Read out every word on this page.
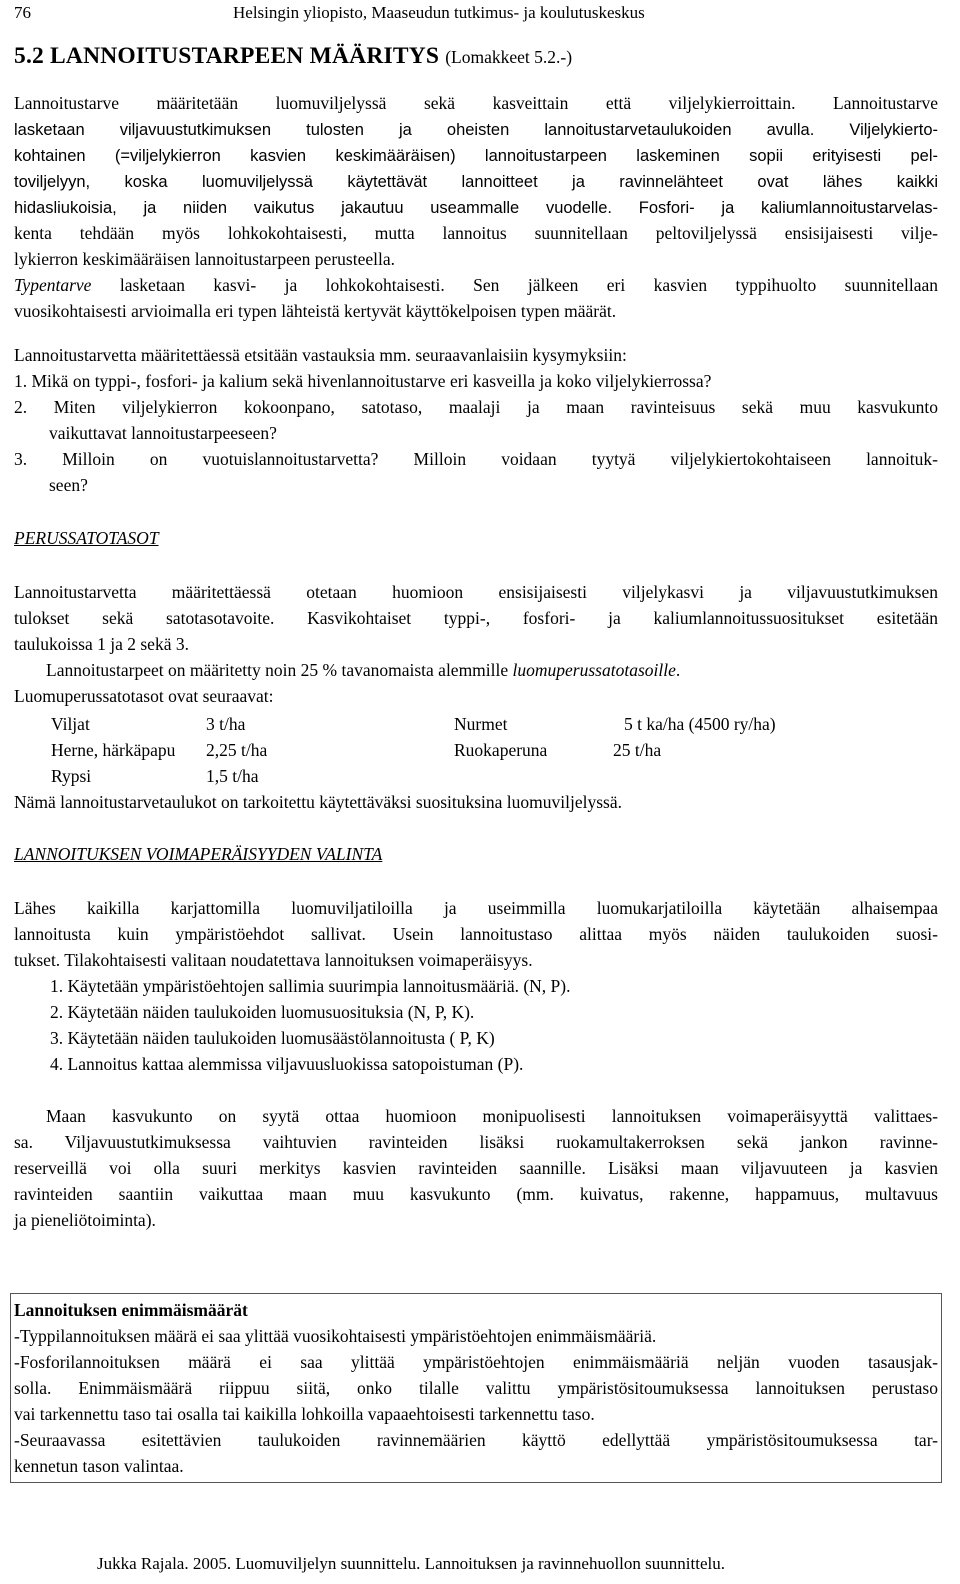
76	Helsingin yliopisto, Maaseudun tutkimus- ja koulutuskeskus
5.2 LANNOITUSTARPEEN MÄÄRITYS (Lomakkeet 5.2.-)
Lannoitustarve määritetään luomuviljelyssä sekä kasveittain että viljelykierroittain. Lannoitustarve
lasketaan viljavuustutkimuksen tulosten ja oheisten lannoitustarvetaulukoiden avulla. Viljelykierto-
kohtainen (=viljelykierron kasvien keskimääräisen) lannoitustarpeen laskeminen sopii erityisesti pel-
toviljelyyn, koska luomuviljelyssä käytettävät lannoitteet ja ravinnelähteet ovat lähes kaikki
hidasliukoisia, ja niiden vaikutus jakautuu useammalle vuodelle. Fosfori- ja kaliumlannoitustarvelas-
kenta tehdään myös lohkokohtaisesti, mutta lannoitus suunnitellaan peltoviljelyssä ensisijaisesti vilje-
lykierron keskimääräisen lannoitustarpeen perusteella.
Typentarve lasketaan kasvi- ja lohkokohtaisesti. Sen jälkeen eri kasvien typpihuolto suunnitellaan
vuosikohtaisesti arvioimalla eri typen lähteistä kertyvät käyttökelpoisen typen määrät.
Lannoitustarvetta määritettäessä etsitään vastauksia mm. seuraavanlaisiin kysymyksiin:
1. Mikä on typpi-, fosfori- ja kalium sekä hivenlannoitustarve eri kasveilla ja koko viljelykierrossa?
2. Miten viljelykierron kokoonpano, satotaso, maalaji ja maan ravinteisuus sekä muu kasvukunto
vaikuttavat lannoitustarpeeseen?
3. Milloin on vuotuislannoitustarvetta? Milloin voidaan tyytyä viljelykiertokohtaiseen lannoituk-
seen?
PERUSSATOTASOT
Lannoitustarvetta määritettäessä otetaan huomioon ensisijaisesti viljelykasvi ja viljavuustutkimuksen
tulokset sekä satotasotavoite. Kasvikohtaiset typpi-, fosfori- ja kaliumlannoitussuositukset esitetään
taulukoissa 1 ja 2 sekä 3.
Lannoitustarpeet on määritetty noin 25 % tavanomaista alemmille luomuperussatotasoille.
Luomuperussatotasot ovat seuraavat:
Viljat	3 t/ha	Nurmet	5 t ka/ha (4500 ry/ha)
Herne, härkäpapu 2,25 t/ha	Ruokaperuna	25 t/ha
Rypsi	1,5 t/ha
Nämä lannoitustarvetaulukot on tarkoitettu käytettäväksi suosituksina luomuviljelyssä.
LANNOITUKSEN VOIMAPERÄISYYDEN VALINTA
Lähes kaikilla karjattomilla luomuviljatiloilla ja useimmilla luomukarjatiloilla käytetään alhaisempaa
lannoitusta kuin ympäristöehdot sallivat. Usein lannoitustaso alittaa myös näiden taulukoiden suosi-
tukset. Tilakohtaisesti valitaan noudatettava lannoituksen voimaperäisyys.
1. Käytetään ympäristöehtojen sallimia suurimpia lannoitusmääriä. (N, P).
2. Käytetään näiden taulukoiden luomusuosituksia (N, P, K).
3. Käytetään näiden taulukoiden luomusäästölannoitusta ( P, K)
4. Lannoitus kattaa alemmissa viljavuusluokissa satopoistuman (P).
Maan kasvukunto on syytä ottaa huomioon monipuolisesti lannoituksen voimaperäisyyttä valittaes-
sa. Viljavuustutkimuksessa vaihtuvien ravinteiden lisäksi ruokamultakerroksen sekä jankon ravinne-
reserveillä voi olla suuri merkitys kasvien ravinteiden saannille. Lisäksi maan viljavuuteen ja kasvien
ravinteiden saantiin vaikuttaa maan muu kasvukunto (mm. kuivatus, rakenne, happamuus, multavuus
ja pieneliötoiminta).
Lannoituksen enimmäismäärät
-Typpilannoituksen määrä ei saa ylittää vuosikohtaisesti ympäristöehtojen enimmäismääriä.
-Fosforilannoituksen määrä ei saa ylittää ympäristöehtojen enimmäismääriä neljän vuoden tasausjak-
solla. Enimmäismäärä riippuu siitä, onko tilalle valittu ympäristösitoumuksessa lannoituksen perustaso
vai tarkennettu taso tai osalla tai kaikilla lohkoilla vapaaehtoisesti tarkennettu taso.
-Seuraavassa esitettävien taulukoiden ravinnemäärien käyttö edellyttää ympäristösitoumuksessa tar-
kennetun tason valintaa.
Jukka Rajala. 2005. Luomuviljelyn suunnittelu. Lannoituksen ja ravinnehuollon suunnittelu.
